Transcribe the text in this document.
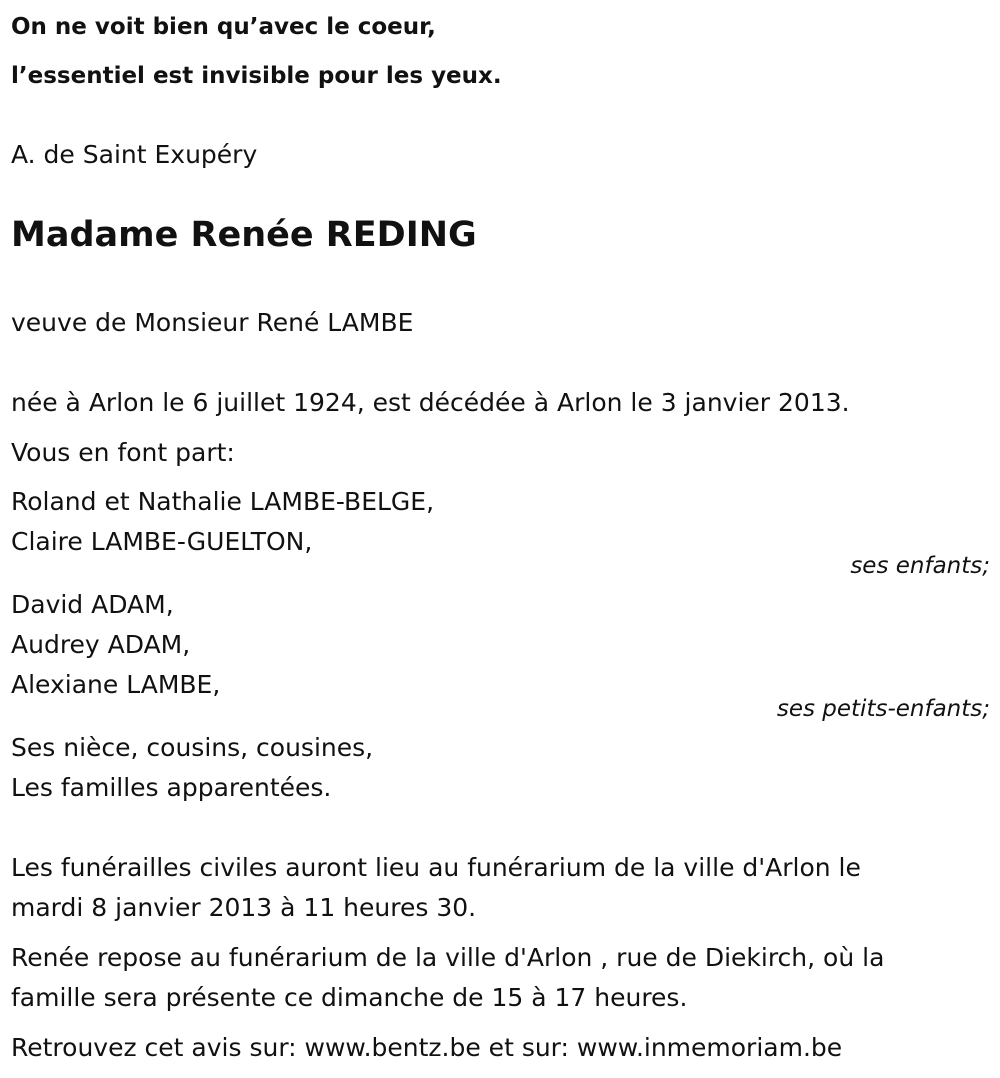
On ne voit bien qu’avec le coeur,
l’essentiel est invisible pour les yeux.
A. de Saint Exupéry
Madame Renée REDING
veuve de Monsieur René LAMBE
née à Arlon le 6 juillet 1924, est décédée à Arlon le 3 janvier 2013.
Vous en font part:
Roland et Nathalie LAMBE-BELGE,
Claire LAMBE-GUELTON,
ses enfants;
David ADAM,
Audrey ADAM,
Alexiane LAMBE,
ses petits-enfants;
Ses nièce, cousins, cousines,
Les familles apparentées.
Les funérailles civiles auront lieu au funérarium de la ville d'Arlon le
mardi 8 janvier 2013 à 11 heures 30.
Renée repose au funérarium de la ville d'Arlon , rue de Diekirch, où la
famille sera présente ce dimanche de 15 à 17 heures.
Retrouvez cet avis sur: www.bentz.be et sur: www.inmemoriam.be
